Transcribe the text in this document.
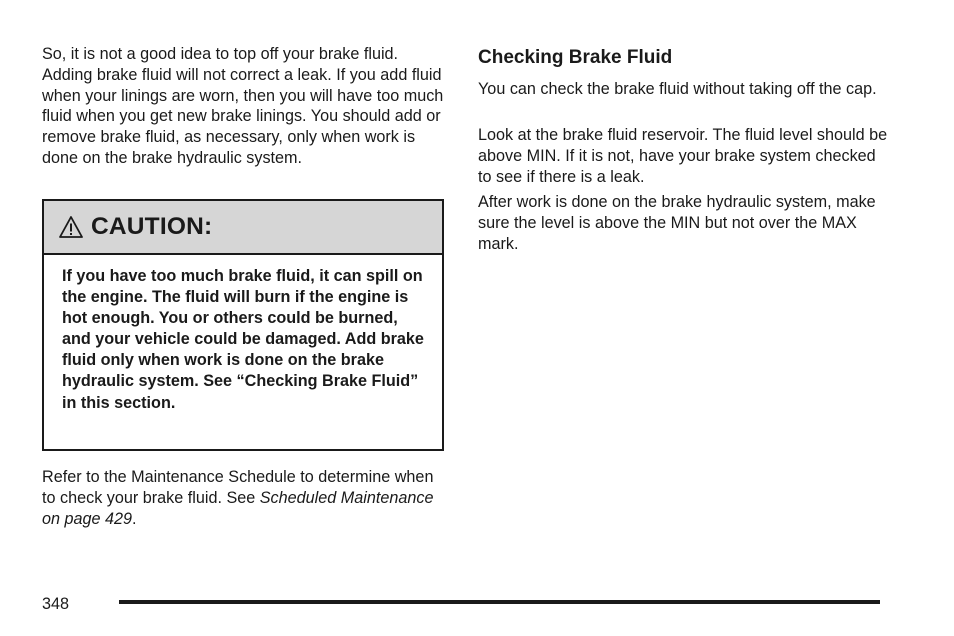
So, it is not a good idea to top off your brake fluid. Adding brake fluid will not correct a leak. If you add fluid when your linings are worn, then you will have too much fluid when you get new brake linings. You should add or remove brake fluid, as necessary, only when work is done on the brake hydraulic system.

CAUTION:
If you have too much brake fluid, it can spill on the engine. The fluid will burn if the engine is hot enough. You or others could be burned, and your vehicle could be damaged. Add brake fluid only when work is done on the brake hydraulic system. See “Checking Brake Fluid” in this section.

Refer to the Maintenance Schedule to determine when to check your brake fluid. See Scheduled Maintenance on page 429.

Checking Brake Fluid

You can check the brake fluid without taking off the cap.

Look at the brake fluid reservoir. The fluid level should be above MIN. If it is not, have your brake system checked to see if there is a leak.

After work is done on the brake hydraulic system, make sure the level is above the MIN but not over the MAX mark.

348
